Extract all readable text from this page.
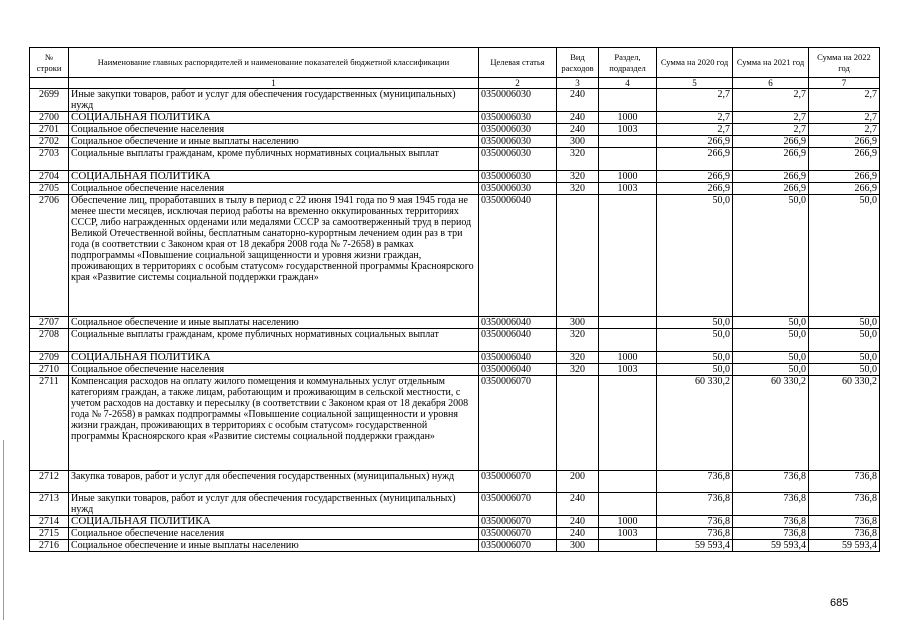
№ строки	Наименование главных распорядителей и наименование показателей бюджетной классификации	Целевая статья	Вид расходов	Раздел, подраздел	Сумма на 2020 год	Сумма на 2021 год	Сумма на 2022 год
	1	2	3	4	5	6	7
2699	Иные закупки товаров, работ и услуг для обеспечения государственных (муниципальных) нужд	0350006030	240		2,7	2,7	2,7
2700	СОЦИАЛЬНАЯ ПОЛИТИКА	0350006030	240	1000	2,7	2,7	2,7
2701	Социальное обеспечение населения	0350006030	240	1003	2,7	2,7	2,7
2702	Социальное обеспечение и иные выплаты населению	0350006030	300		266,9	266,9	266,9
2703	Социальные выплаты гражданам, кроме публичных нормативных социальных выплат	0350006030	320		266,9	266,9	266,9
2704	СОЦИАЛЬНАЯ ПОЛИТИКА	0350006030	320	1000	266,9	266,9	266,9
2705	Социальное обеспечение населения	0350006030	320	1003	266,9	266,9	266,9
2706	Обеспечение лиц, проработавших в тылу в период с 22 июня 1941 года по 9 мая 1945 года не менее шести месяцев, исключая период работы на временно оккупированных территориях СССР, либо награжденных орденами или медалями СССР за самоотверженный труд в период Великой Отечественной войны, бесплатным санаторно-курортным лечением один раз в три года (в соответствии с Законом края от 18 декабря 2008 года № 7-2658) в рамках подпрограммы «Повышение социальной защищенности и уровня жизни граждан, проживающих в территориях с особым статусом» государственной программы Красноярского края «Развитие системы социальной поддержки граждан»	0350006040			50,0	50,0	50,0
2707	Социальное обеспечение и иные выплаты населению	0350006040	300		50,0	50,0	50,0
2708	Социальные выплаты гражданам, кроме публичных нормативных социальных выплат	0350006040	320		50,0	50,0	50,0
2709	СОЦИАЛЬНАЯ ПОЛИТИКА	0350006040	320	1000	50,0	50,0	50,0
2710	Социальное обеспечение населения	0350006040	320	1003	50,0	50,0	50,0
2711	Компенсация расходов на оплату жилого помещения и коммунальных услуг отдельным категориям граждан, а также лицам, работающим и проживающим в сельской местности, с учетом расходов на доставку и пересылку (в соответствии с Законом края от 18 декабря 2008 года № 7-2658) в рамках подпрограммы «Повышение социальной защищенности и уровня жизни граждан, проживающих в территориях с особым статусом» государственной программы Красноярского края «Развитие системы социальной поддержки граждан»	0350006070			60 330,2	60 330,2	60 330,2
2712	Закупка товаров, работ и услуг для обеспечения государственных (муниципальных) нужд	0350006070	200		736,8	736,8	736,8
2713	Иные закупки товаров, работ и услуг для обеспечения государственных (муниципальных) нужд	0350006070	240		736,8	736,8	736,8
2714	СОЦИАЛЬНАЯ ПОЛИТИКА	0350006070	240	1000	736,8	736,8	736,8
2715	Социальное обеспечение населения	0350006070	240	1003	736,8	736,8	736,8
2716	Социальное обеспечение и иные выплаты населению	0350006070	300		59 593,4	59 593,4	59 593,4
685
